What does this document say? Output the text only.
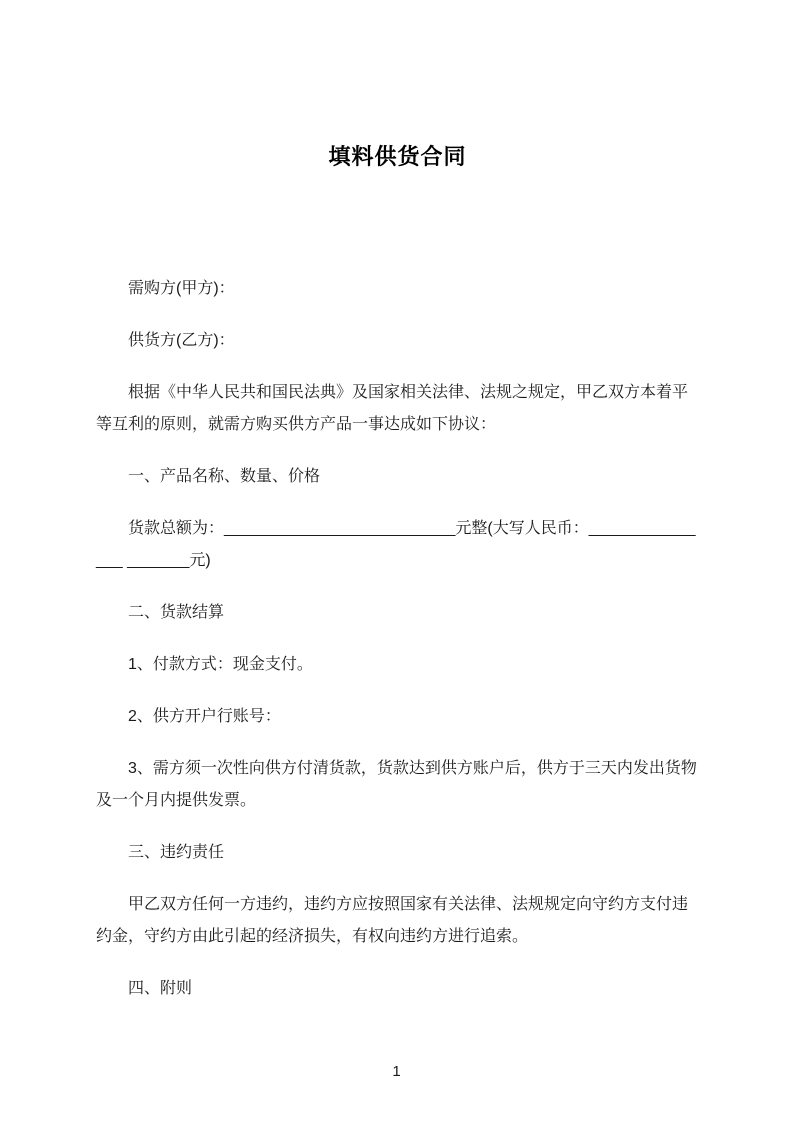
填料供货合同

需购方(甲方)：

供货方(乙方)：

根据《中华人民共和国民法典》及国家相关法律、法规之规定，甲乙双方本着平等互利的原则，就需方购买供方产品一事达成如下协议：

一、产品名称、数量、价格

货款总额为：__________________________元整(大写人民币：_______________ _______元)

二、货款结算

1、付款方式：现金支付。

2、供方开户行账号：

3、需方须一次性向供方付清货款，货款达到供方账户后，供方于三天内发出货物及一个月内提供发票。

三、违约责任

甲乙双方任何一方违约，违约方应按照国家有关法律、法规规定向守约方支付违约金，守约方由此引起的经济损失，有权向违约方进行追索。

四、附则

1
